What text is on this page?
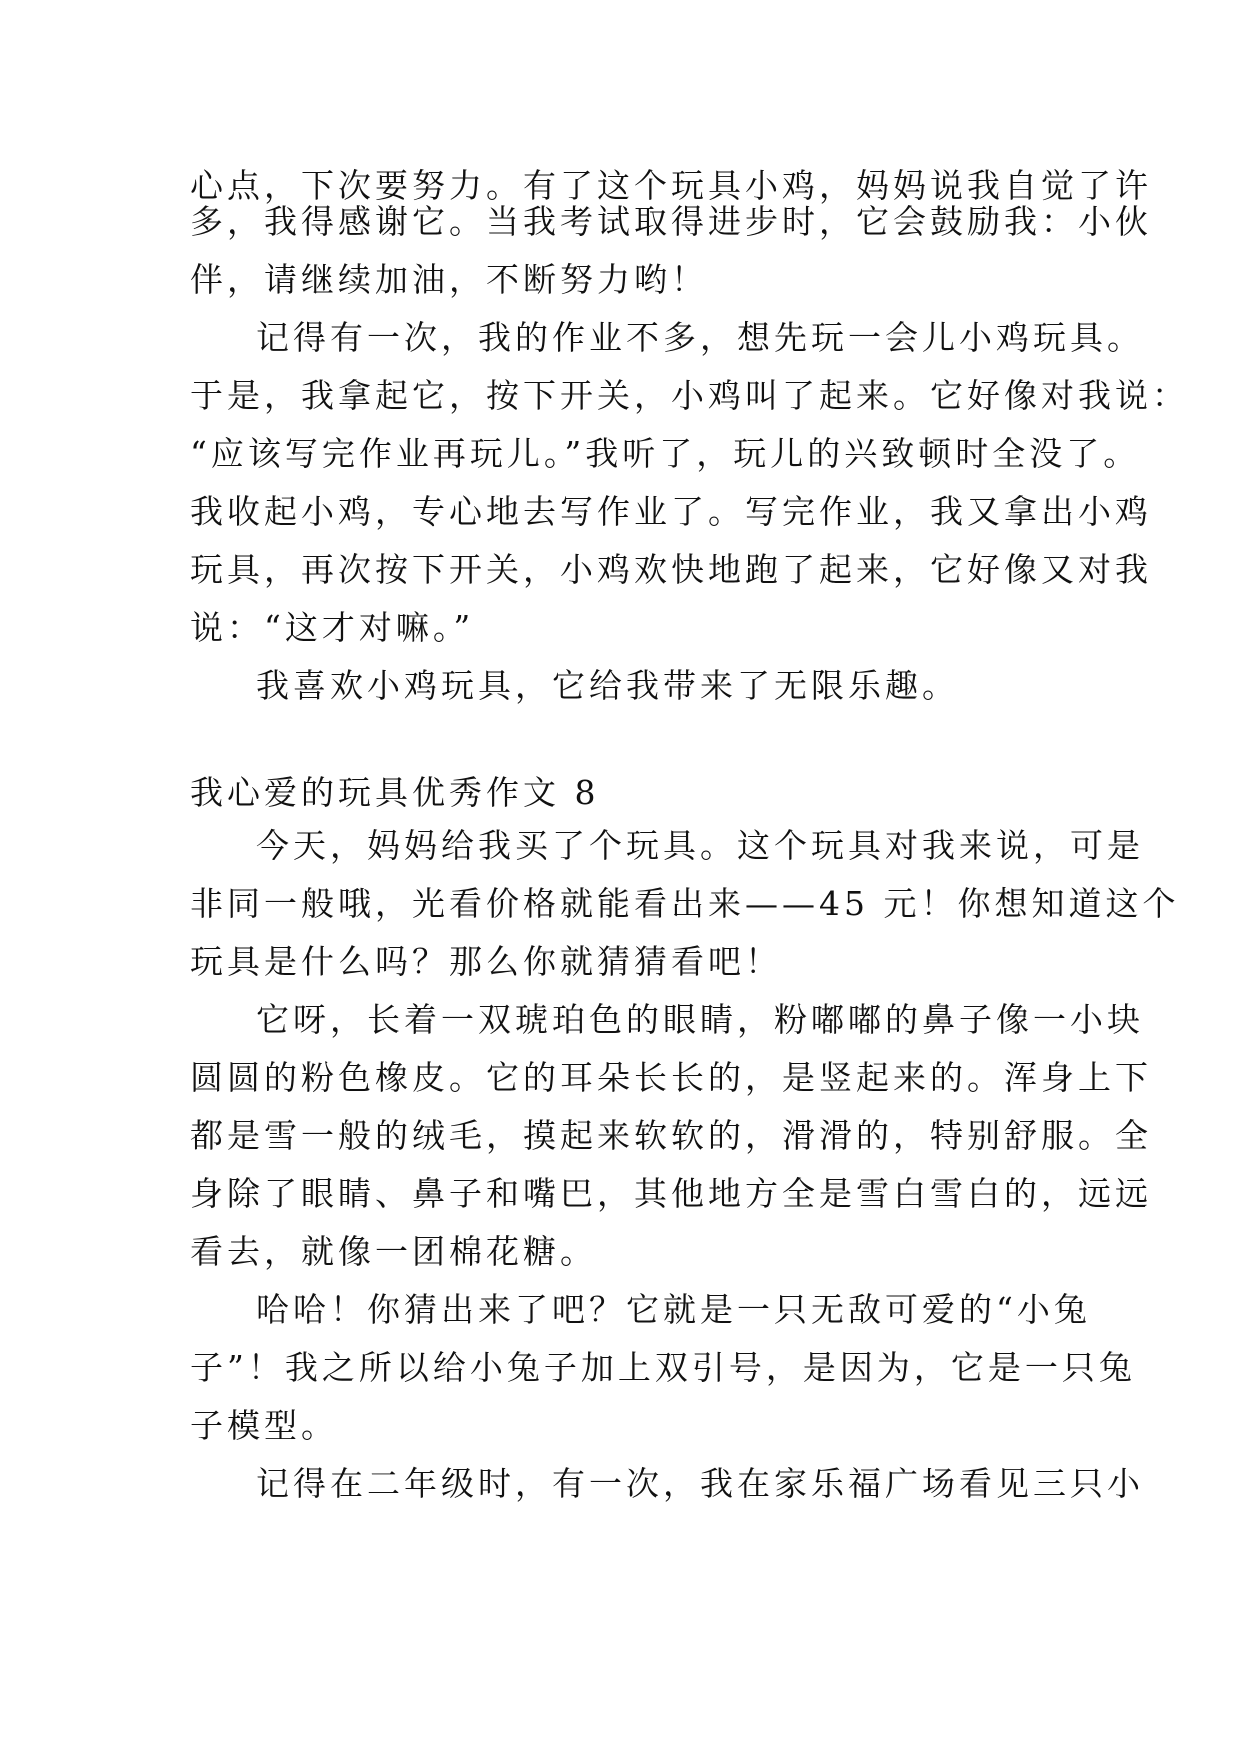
心点，下次要努力。有了这个玩具小鸡，妈妈说我自觉了许
多，我得感谢它。当我考试取得进步时，它会鼓励我：小伙
伴，请继续加油，不断努力哟！
记得有一次，我的作业不多，想先玩一会儿小鸡玩具。
于是，我拿起它，按下开关，小鸡叫了起来。它好像对我说：
“应该写完作业再玩儿。”我听了，玩儿的兴致顿时全没了。
我收起小鸡，专心地去写作业了。写完作业，我又拿出小鸡
玩具，再次按下开关，小鸡欢快地跑了起来，它好像又对我
说：“这才对嘛。”
我喜欢小鸡玩具，它给我带来了无限乐趣。
我心爱的玩具优秀作文 8
今天，妈妈给我买了个玩具。这个玩具对我来说，可是
非同一般哦，光看价格就能看出来——45 元！你想知道这个
玩具是什么吗？那么你就猜猜看吧！
它呀，长着一双琥珀色的眼睛，粉嘟嘟的鼻子像一小块
圆圆的粉色橡皮。它的耳朵长长的，是竖起来的。浑身上下
都是雪一般的绒毛，摸起来软软的，滑滑的，特别舒服。全
身除了眼睛、鼻子和嘴巴，其他地方全是雪白雪白的，远远
看去，就像一团棉花糖。
哈哈！你猜出来了吧？它就是一只无敌可爱的“小兔
子”！我之所以给小兔子加上双引号，是因为，它是一只兔
子模型。
记得在二年级时，有一次，我在家乐福广场看见三只小
